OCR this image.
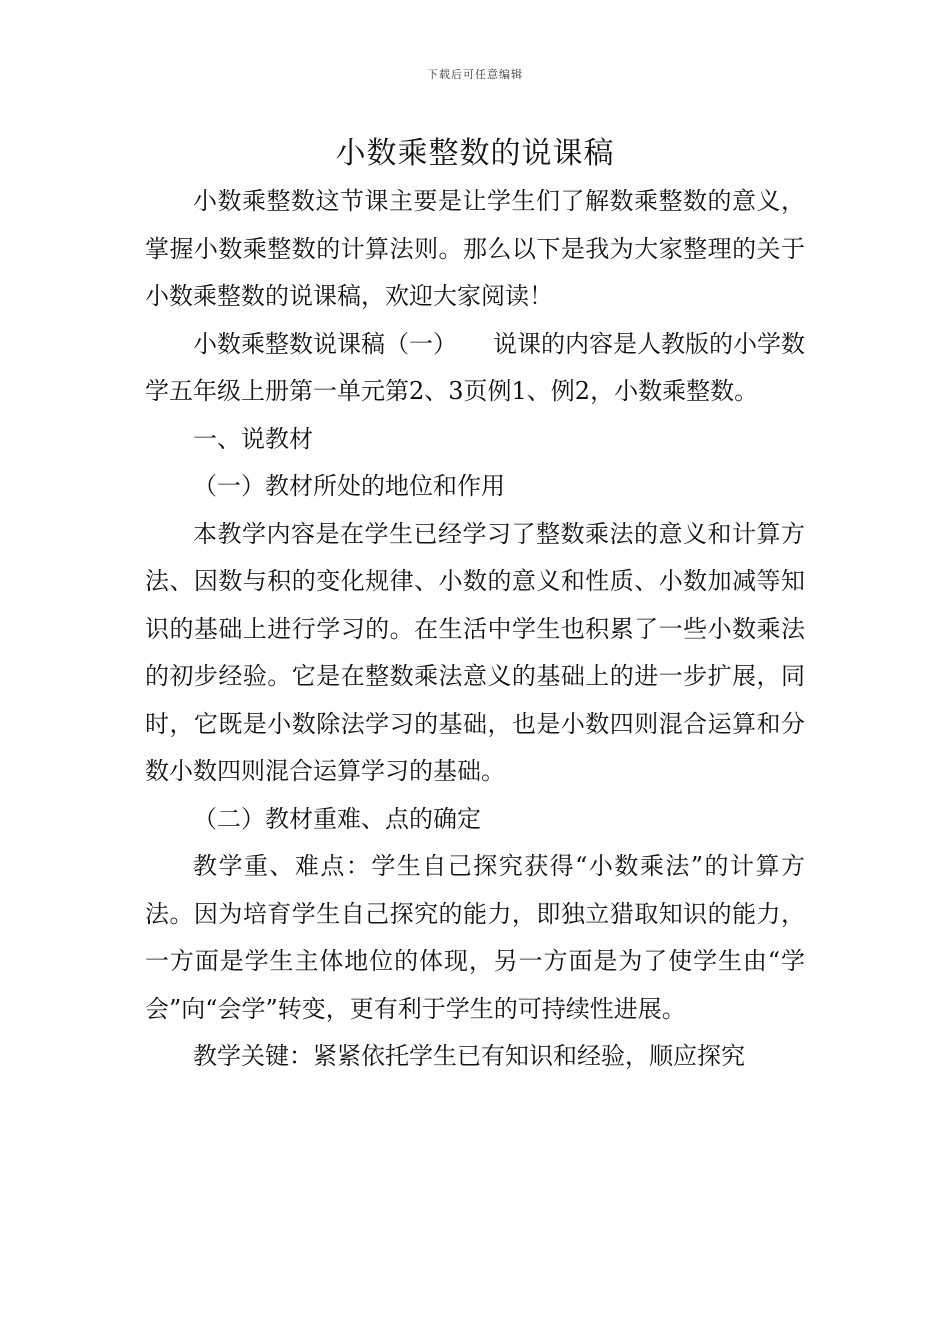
下载后可任意编辑
小数乘整数的说课稿

小数乘整数这节课主要是让学生们了解数乘整数的意义，掌握小数乘整数的计算法则。那么以下是我为大家整理的关于小数乘整数的说课稿，欢迎大家阅读！

小数乘整数说课稿（一）　　说课的内容是人教版的小学数学五年级上册第一单元第2、3页例1、例2，小数乘整数。

一、说教材

（一）教材所处的地位和作用

本教学内容是在学生已经学习了整数乘法的意义和计算方法、因数与积的变化规律、小数的意义和性质、小数加减等知识的基础上进行学习的。在生活中学生也积累了一些小数乘法的初步经验。它是在整数乘法意义的基础上的进一步扩展，同时，它既是小数除法学习的基础，也是小数四则混合运算和分数小数四则混合运算学习的基础。

（二）教材重难、点的确定

教学重、难点：学生自己探究获得“小数乘法”的计算方法。因为培育学生自己探究的能力，即独立猎取知识的能力，一方面是学生主体地位的体现，另一方面是为了使学生由“学会”向“会学”转变，更有利于学生的可持续性进展。

教学关键：紧紧依托学生已有知识和经验，顺应探究
